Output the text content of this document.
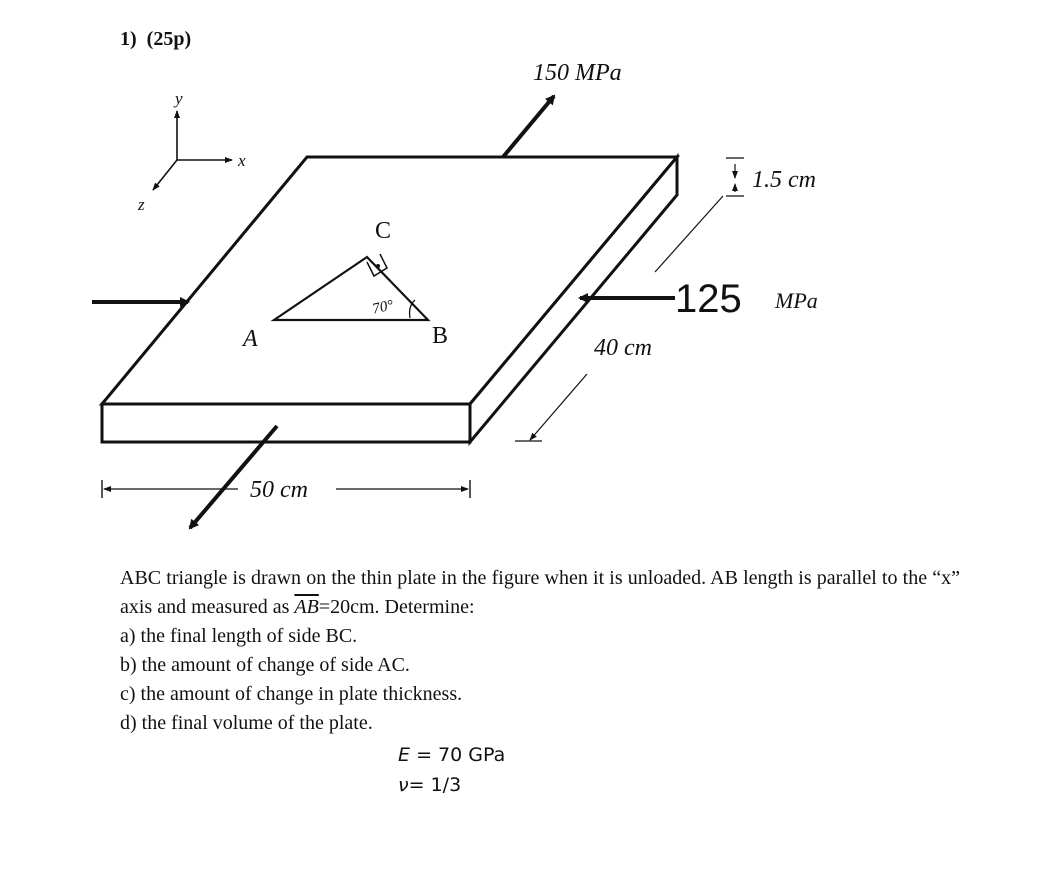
1) (25p)
y
x
z
A	B
C
70°
150 MPa
125 MPa
50 cm
40 cm
1.5 cm
ABC triangle is drawn on the thin plate in the figure when it is unloaded. AB length is parallel to the “x” axis and measured as $\overline{AB}=20cm$. Determine:
a) the final length of side BC.
b) the amount of change of side AC.
c) the amount of change in plate thickness.
d) the final volume of the plate.
E = 70 GPa
ν= 1/3
